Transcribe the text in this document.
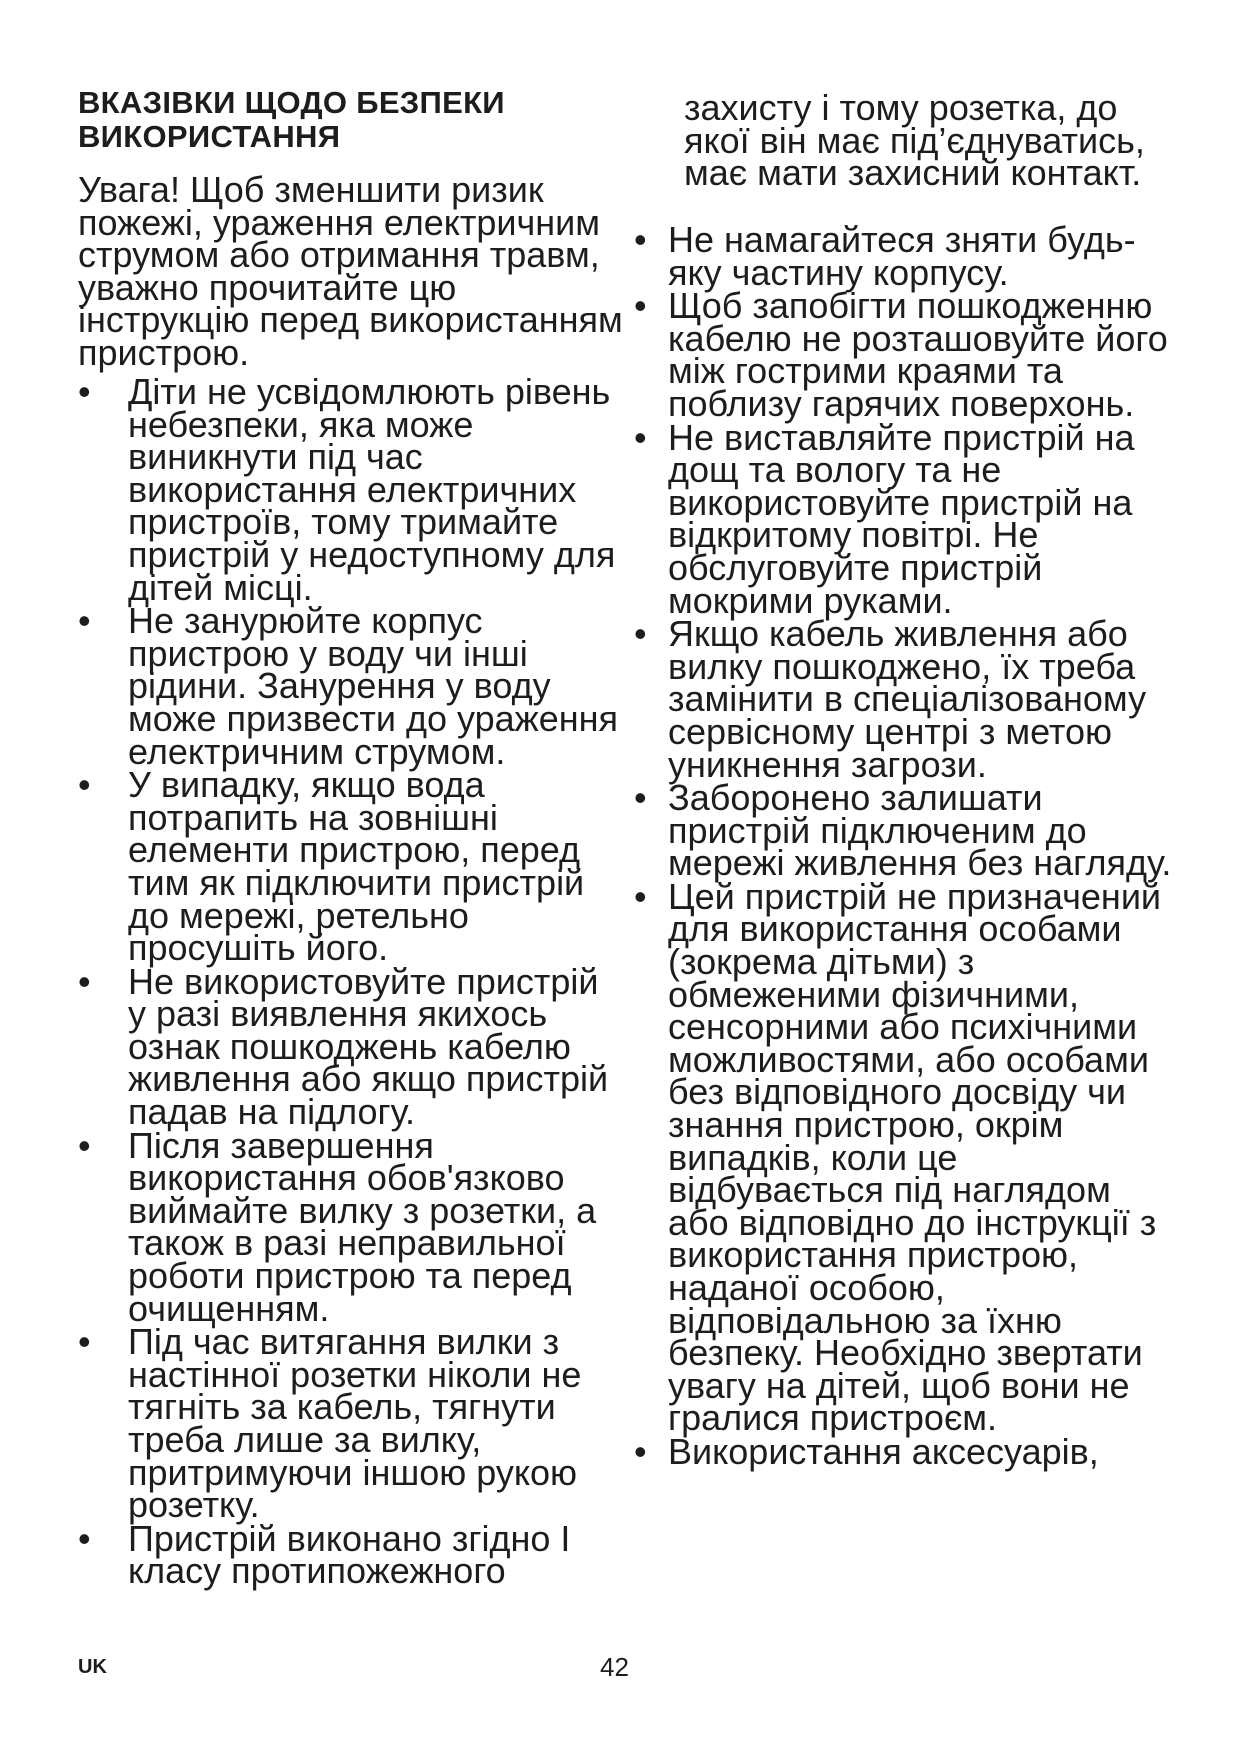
ВКАЗІВКИ ЩОДО БЕЗПЕКИ ВИКОРИСТАННЯ
Увага! Щоб зменшити ризик пожежі, ураження електричним струмом або отримання травм, уважно прочитайте цю інструкцію перед використанням пристрою.
•	Діти не усвідомлюють рівень небезпеки, яка може виникнути під час використання електричних пристроїв, тому тримайте пристрій у недоступному для дітей місці.
•	Не занурюйте корпус пристрою у воду чи інші рідини. Занурення у воду може призвести до ураження електричним струмом.
•	У випадку, якщо вода потрапить на зовнішні елементи пристрою, перед тим як підключити пристрій до мережі, ретельно просушіть його.
•	Не використовуйте пристрій у разі виявлення якихось ознак пошкоджень кабелю живлення або якщо пристрій падав на підлогу.
•	Після завершення використання обов'язково виймайте вилку з розетки, а також в разі неправильної роботи пристрою та перед очищенням.
•	Під час витягання вилки з настінної розетки ніколи не тягніть за кабель, тягнути треба лише за вилку, притримуючи іншою рукою розетку.
•	Пристрій виконано згідно I класу протипожежного
захисту і тому розетка, до якої він має під’єднуватись, має мати захисний контакт.
• Не намагайтеся зняти будь-яку частину корпусу.
• Щоб запобігти пошкодженню кабелю не розташовуйте його між гострими краями та поблизу гарячих поверхонь.
• Не виставляйте пристрій на дощ та вологу та не використовуйте пристрій на відкритому повітрі. Не обслуговуйте пристрій мокрими руками.
• Якщо кабель живлення або вилку пошкоджено, їх треба замінити в спеціалізованому сервісному центрі з метою уникнення загрози.
• Заборонено залишати пристрій підключеним до мережі живлення без нагляду.
• Цей пристрій не призначений для використання особами (зокрема дітьми) з обмеженими фізичними, сенсорними або психічними можливостями, або особами без відповідного досвіду чи знання пристрою, окрім випадків, коли це відбувається під наглядом або відповідно до інструкції з використання пристрою, наданої особою, відповідальною за їхню безпеку. Необхідно звертати увагу на дітей, щоб вони не гралися пристроєм.
• Використання аксесуарів,
UK	42
